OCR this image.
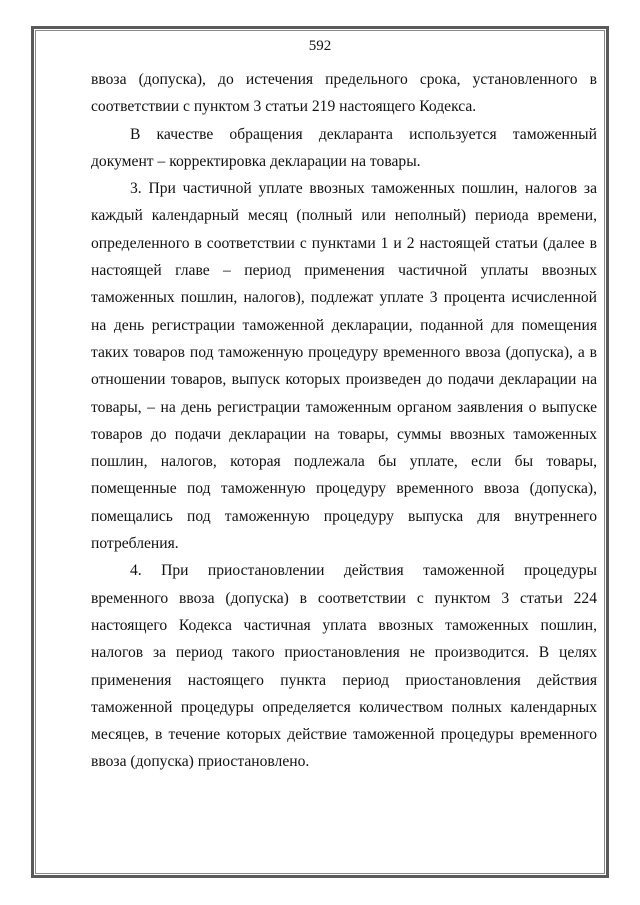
592

ввоза (допуска), до истечения предельного срока, установленного в соответствии с пунктом 3 статьи 219 настоящего Кодекса.

В качестве обращения декларанта используется таможенный документ – корректировка декларации на товары.

3. При частичной уплате ввозных таможенных пошлин, налогов за каждый календарный месяц (полный или неполный) периода времени, определенного в соответствии с пунктами 1 и 2 настоящей статьи (далее в настоящей главе – период применения частичной уплаты ввозных таможенных пошлин, налогов), подлежат уплате 3 процента исчисленной на день регистрации таможенной декларации, поданной для помещения таких товаров под таможенную процедуру временного ввоза (допуска), а в отношении товаров, выпуск которых произведен до подачи декларации на товары, – на день регистрации таможенным органом заявления о выпуске товаров до подачи декларации на товары, суммы ввозных таможенных пошлин, налогов, которая подлежала бы уплате, если бы товары, помещенные под таможенную процедуру временного ввоза (допуска), помещались под таможенную процедуру выпуска для внутреннего потребления.

4. При приостановлении действия таможенной процедуры временного ввоза (допуска) в соответствии с пунктом 3 статьи 224 настоящего Кодекса частичная уплата ввозных таможенных пошлин, налогов за период такого приостановления не производится. В целях применения настоящего пункта период приостановления действия таможенной процедуры определяется количеством полных календарных месяцев, в течение которых действие таможенной процедуры временного ввоза (допуска) приостановлено.
